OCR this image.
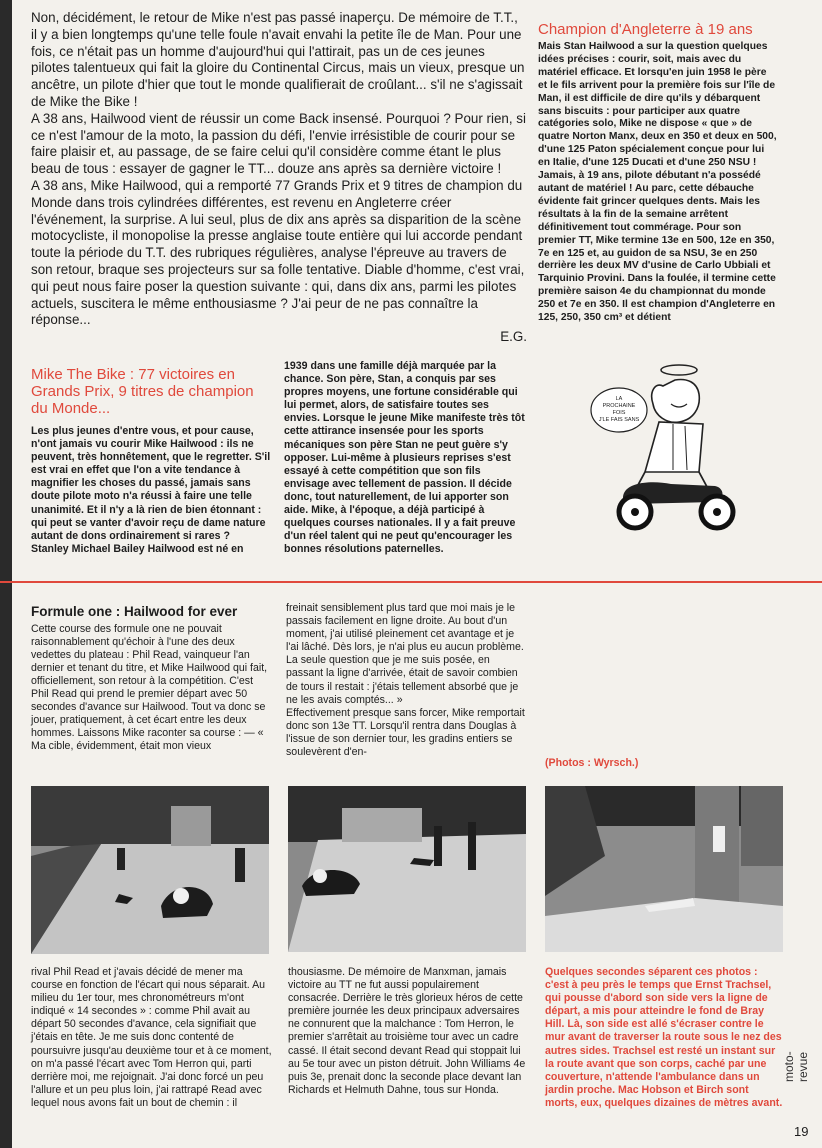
Non, décidément, le retour de Mike n'est pas passé inaperçu. De mémoire de T.T., il y a bien longtemps qu'une telle foule n'avait envahi la petite île de Man. Pour une fois, ce n'était pas un homme d'aujourd'hui qui l'attirait, pas un de ces jeunes pilotes talentueux qui fait la gloire du Continental Circus, mais un vieux, presque un ancêtre, un pilote d'hier que tout le monde qualifierait de croûlant... s'il ne s'agissait de Mike the Bike !

A 38 ans, Hailwood vient de réussir un come Back insensé. Pourquoi ? Pour rien, si ce n'est l'amour de la moto, la passion du défi, l'envie irrésistible de courir pour se faire plaisir et, au passage, de se faire celui qu'il considère comme étant le plus beau de tous : essayer de gagner le TT... douze ans après sa dernière victoire !

A 38 ans, Mike Hailwood, qui a remporté 77 Grands Prix et 9 titres de champion du Monde dans trois cylindrées différentes, est revenu en Angleterre créer l'événement, la surprise. A lui seul, plus de dix ans après sa disparition de la scène motocycliste, il monopolise la presse anglaise toute entière qui lui accorde pendant toute la période du T.T. des rubriques régulières, analyse l'épreuve au travers de son retour, braque ses projecteurs sur sa folle tentative. Diable d'homme, c'est vrai, qui peut nous faire poser la question suivante : qui, dans dix ans, parmi les pilotes actuels, suscitera le même enthousiasme ? J'ai peur de ne pas connaître la réponse...

E.G.

Champion d'Angleterre à 19 ans

Mais Stan Hailwood a sur la question quelques idées précises : courir, soit, mais avec du matériel efficace. Et lorsqu'en juin 1958 le père et le fils arrivent pour la première fois sur l'île de Man, il est difficile de dire qu'ils y débarquent sans biscuits : pour participer aux quatre catégories solo, Mike ne dispose « que » de quatre Norton Manx, deux en 350 et deux en 500, d'une 125 Paton spécialement conçue pour lui en Italie, d'une 125 Ducati et d'une 250 NSU ! Jamais, à 19 ans, pilote débutant n'a possédé autant de matériel ! Au parc, cette débauche évidente fait grincer quelques dents. Mais les résultats à la fin de la semaine arrêtent définitivement tout commérage. Pour son premier TT, Mike termine 13e en 500, 12e en 350, 7e en 125 et, au guidon de sa NSU, 3e en 250 derrière les deux MV d'usine de Carlo Ubbiali et Tarquinio Provini. Dans la foulée, il termine cette première saison 4e du championnat du monde 250 et 7e en 350. Il est champion d'Angleterre en 125, 250, 350 cm³ et détient

Mike The Bike : 77 victoires en Grands Prix, 9 titres de champion du Monde...

Les plus jeunes d'entre vous, et pour cause, n'ont jamais vu courir Mike Hailwood : ils ne peuvent, très honnêtement, que le regretter. S'il est vrai en effet que l'on a vite tendance à magnifier les choses du passé, jamais sans doute pilote moto n'a réussi à faire une telle unanimité. Et il n'y a là rien de bien étonnant : qui peut se vanter d'avoir reçu de dame nature autant de dons ordinairement si rares ?

Stanley Michael Bailey Hailwood est né en

1939 dans une famille déjà marquée par la chance. Son père, Stan, a conquis par ses propres moyens, une fortune considérable qui lui permet, alors, de satisfaire toutes ses envies. Lorsque le jeune Mike manifeste très tôt cette attirance insensée pour les sports mécaniques son père Stan ne peut guère s'y opposer. Lui-même à plusieurs reprises s'est essayé à cette compétition que son fils envisage avec tellement de passion. Il décide donc, tout naturellement, de lui apporter son aide. Mike, à l'époque, a déjà participé à quelques courses nationales. Il y a fait preuve d'un réel talent qui ne peut qu'encourager les bonnes résolutions paternelles.

LA
PROCHAINE
FOIS
J'LE FAIS SANS
Formule one : Hailwood for ever

Cette course des formule one ne pouvait raisonnablement qu'échoir à l'une des deux vedettes du plateau : Phil Read, vainqueur l'an dernier et tenant du titre, et Mike Hailwood qui fait, officiellement, son retour à la compétition. C'est Phil Read qui prend le premier départ avec 50 secondes d'avance sur Hailwood. Tout va donc se jouer, pratiquement, à cet écart entre les deux hommes. Laissons Mike raconter sa course : — « Ma cible, évidemment, était mon vieux

freinait sensiblement plus tard que moi mais je le passais facilement en ligne droite. Au bout d'un moment, j'ai utilisé pleinement cet avantage et je l'ai lâché. Dès lors, je n'ai plus eu aucun problème. La seule question que je me suis posée, en passant la ligne d'arrivée, était de savoir combien de tours il restait : j'étais tellement absorbé que je ne les avais comptés... »

Effectivement presque sans forcer, Mike remportait donc son 13e TT. Lorsqu'il rentra dans Douglas à l'issue de son dernier tour, les gradins entiers se soulevèrent d'en-

(Photos : Wyrsch.)

rival Phil Read et j'avais décidé de mener ma course en fonction de l'écart qui nous séparait. Au milieu du 1er tour, mes chronométreurs m'ont indiqué « 14 secondes » : comme Phil avait au départ 50 secondes d'avance, cela signifiait que j'étais en tête. Je me suis donc contenté de poursuivre jusqu'au deuxième tour et à ce moment, on m'a passé l'écart avec Tom Herron qui, parti derrière moi, me rejoignait. J'ai donc forcé un peu l'allure et un peu plus loin, j'ai rattrapé Read avec lequel nous avons fait un bout de chemin : il

thousiasme. De mémoire de Manxman, jamais victoire au TT ne fut aussi populairement consacrée. Derrière le très glorieux héros de cette première journée les deux principaux adversaires ne connurent que la malchance : Tom Herron, le premier s'arrêtait au troisième tour avec un cadre cassé. Il était second devant Read qui stoppait lui au 5e tour avec un piston détruit. John Williams 4e puis 3e, prenait donc la seconde place devant Ian Richards et Helmuth Dahne, tous sur Honda.

Quelques secondes séparent ces photos : c'est à peu près le temps que Ernst Trachsel, qui pousse d'abord son side vers la ligne de départ, a mis pour atteindre le fond de Bray Hill. Là, son side est allé s'écraser contre le mur avant de traverser la route sous le nez des autres sides. Trachsel est resté un instant sur la route avant que son corps, caché par une couverture, n'attende l'ambulance dans un jardin proche. Mac Hobson et Birch sont morts, eux, quelques dizaines de mètres avant.

moto-revue
19
